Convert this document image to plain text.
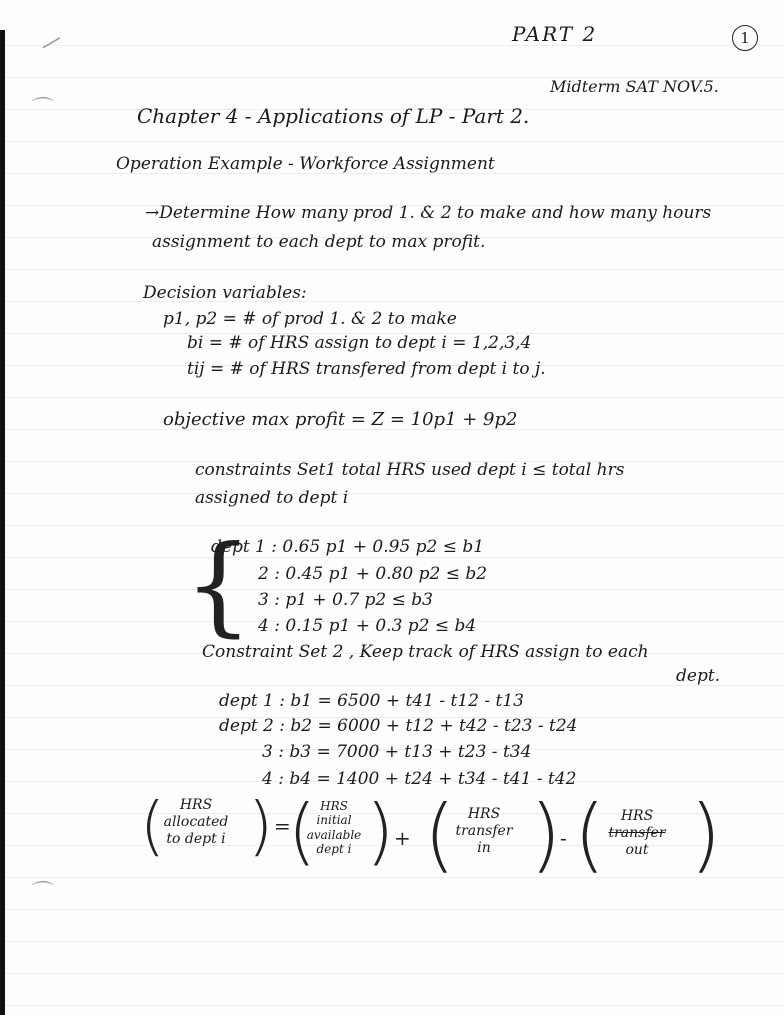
—
⌒
⌒
PART 2	1
Midterm SAT NOV.5.
Chapter 4 - Applications of LP - Part 2.
Operation Example - Workforce Assignment
→Determine How many prod 1. & 2 to make and how many hours
assignment to each dept to max profit.
Decision variables:
p1, p2 = # of prod 1. & 2 to make
bi = # of HRS assign to dept i = 1,2,3,4
tij = # of HRS transfered from dept i to j.
objective max profit = Z = 10p1 + 9p2
constraints Set1 total HRS used dept i ≤ total hrs
assigned to dept i
{
dept 1 : 0.65 p1 + 0.95 p2 ≤ b1
2 : 0.45 p1 + 0.80 p2 ≤ b2
3 : p1 + 0.7 p2 ≤ b3
4 : 0.15 p1 + 0.3 p2 ≤ b4
Constraint Set 2 , Keep track of HRS assign to each
dept.
dept 1 : b1 = 6500 + t41 - t12 - t13
dept 2 : b2 = 6000 + t12 + t42 - t23 - t24
3 : b3 = 7000 + t13 + t23 - t34
4 : b4 = 1400 + t24 + t34 - t41 - t42
(	HRS
allocated
to dept i ) =
( HRS
initial
available
dept i ) + ( HRS
transfer
in )
- (	HRS
transfer
out )
